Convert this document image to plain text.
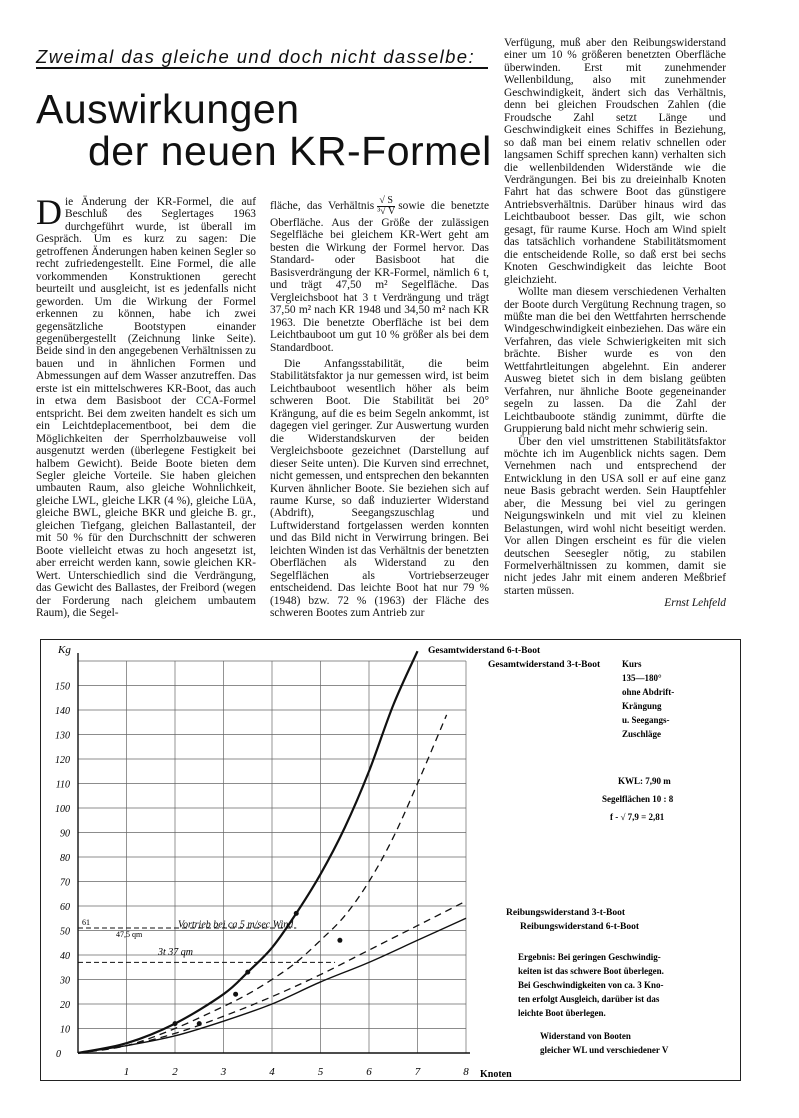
Zweimal das gleiche und doch nicht dasselbe:
Auswirkungen
der neuen KR-Formel

Die Änderung der KR-Formel, die auf Beschluß des Seglertages 1963 durchgeführt wurde, ist überall im Gespräch. Um es kurz zu sagen: Die getroffenen Änderungen haben keinen Segler so recht zufriedengestellt. Eine Formel, die alle vorkommenden Konstruktionen gerecht beurteilt und ausgleicht, ist es jedenfalls nicht geworden. Um die Wirkung der Formel erkennen zu können, habe ich zwei gegensätzliche Bootstypen einander gegenübergestellt (Zeichnung linke Seite). Beide sind in den angegebenen Verhältnissen zu bauen und in ähnlichen Formen und Abmessungen auf dem Wasser anzutreffen. Das erste ist ein mittelschweres KR-Boot, das auch in etwa dem Basisboot der CCA-Formel entspricht. Bei dem zweiten handelt es sich um ein Leichtdeplacementboot, bei dem die Möglichkeiten der Sperrholzbauweise voll ausgenutzt werden (überlegene Festigkeit bei halbem Gewicht). Beide Boote bieten dem Segler gleiche Vorteile. Sie haben gleichen umbauten Raum, also gleiche Wohnlichkeit, gleiche LWL, gleiche LKR (4 %), gleiche LüA, gleiche BWL, gleiche BKR und gleiche B. gr., gleichen Tiefgang, gleichen Ballastanteil, der mit 50 % für den Durchschnitt der schweren Boote vielleicht etwas zu hoch angesetzt ist, aber erreicht werden kann, sowie gleichen KR-Wert. Unterschiedlich sind die Verdrängung, das Gewicht des Ballastes, der Freibord (wegen der Forderung nach gleichem umbautem Raum), die Segel-

fläche, das Verhältnis $\frac{√ S}{\text{³√ V}}$ sowie die benetzte Oberfläche. Aus der Größe der zulässigen Segelfläche bei gleichem KR-Wert geht am besten die Wirkung der Formel hervor. Das Standard- oder Basisboot hat die Basisverdrängung der KR-Formel, nämlich 6 t, und trägt 47,50 m² Segelfläche. Das Vergleichsboot hat 3 t Verdrängung und trägt 37,50 m² nach KR 1948 und 34,50 m² nach KR 1963. Die benetzte Oberfläche ist bei dem Leichtbauboot um gut 10 % größer als bei dem Standardboot.

Die Anfangsstabilität, die beim Stabilitätsfaktor ja nur gemessen wird, ist beim Leichtbauboot wesentlich höher als beim schweren Boot. Die Stabilität bei 20° Krängung, auf die es beim Segeln ankommt, ist dagegen viel geringer. Zur Auswertung wurden die Widerstandskurven der beiden Vergleichsboote gezeichnet (Darstellung auf dieser Seite unten). Die Kurven sind errechnet, nicht gemessen, und entsprechen den bekannten Kurven ähnlicher Boote. Sie beziehen sich auf raume Kurse, so daß induzierter Widerstand (Abdrift), Seegangszuschlag und Luftwiderstand fortgelassen werden konnten und das Bild nicht in Verwirrung bringen. Bei leichten Winden ist das Verhältnis der benetzten Oberflächen als Widerstand zu den Segelflächen als Vortriebserzeuger entscheidend. Das leichte Boot hat nur 79 % (1948) bzw. 72 % (1963) der Fläche des schweren Bootes zum Antrieb zur

Verfügung, muß aber den Reibungswiderstand einer um 10 % größeren benetzten Oberfläche überwinden. Erst mit zunehmender Wellenbildung, also mit zunehmender Geschwindigkeit, ändert sich das Verhältnis, denn bei gleichen Froudschen Zahlen (die Froudsche Zahl setzt Länge und Geschwindigkeit eines Schiffes in Beziehung, so daß man bei einem relativ schnellen oder langsamen Schiff sprechen kann) verhalten sich die wellenbildenden Widerstände wie die Verdrängungen. Bei bis zu dreieinhalb Knoten Fahrt hat das schwere Boot das günstigere Antriebsverhältnis. Darüber hinaus wird das Leichtbauboot besser. Das gilt, wie schon gesagt, für raume Kurse. Hoch am Wind spielt das tatsächlich vorhandene Stabilitätsmoment die entscheidende Rolle, so daß erst bei sechs Knoten Geschwindigkeit das leichte Boot gleichzieht.

Wollte man diesem verschiedenen Verhalten der Boote durch Vergütung Rechnung tragen, so müßte man die bei den Wettfahrten herrschende Windgeschwindigkeit einbeziehen. Das wäre ein Verfahren, das viele Schwierigkeiten mit sich brächte. Bisher wurde es von den Wettfahrtleitungen abgelehnt. Ein anderer Ausweg bietet sich in dem bislang geübten Verfahren, nur ähnliche Boote gegeneinander segeln zu lassen. Da die Zahl der Leichtbauboote ständig zunimmt, dürfte die Gruppierung bald nicht mehr schwierig sein.

Über den viel umstrittenen Stabilitätsfaktor möchte ich im Augenblick nichts sagen. Dem Vernehmen nach und entsprechend der Entwicklung in den USA soll er auf eine ganz neue Basis gebracht werden. Sein Hauptfehler aber, die Messung bei viel zu geringen Neigungswinkeln und mit viel zu kleinen Belastungen, wird wohl nicht beseitigt werden. Vor allen Dingen erscheint es für die vielen deutschen Seesegler nötig, zu stabilen Formelverhältnissen zu kommen, damit sie nicht jedes Jahr mit einem anderen Meßbrief starten müssen.

Ernst Lehfeld
Kg
Knoten
0
10
20
30
40
50
60
70
80
90
100
110
120
130
140
150
1	2	3	4	5	6	7	8
61	Vortrieb bei ca 5 m/sec Wind
47,5 qm
3t 37 qm
Gesamtwiderstand 6-t-Boot
Gesamtwiderstand 3-t-Boot
Reibungswiderstand 3-t-Boot
Reibungswiderstand 6-t-Boot
Kurs
135—180°
ohne Abdrift-
Krängung
u. Seegangs-
Zuschläge
KWL: 7,90 m
Segelflächen 10 : 8
f - √ 7,9 = 2,81
Ergebnis: Bei geringen Geschwindig-
keiten ist das schwere Boot überlegen.
Bei Geschwindigkeiten von ca. 3 Kno-
ten erfolgt Ausgleich, darüber ist das
leichte Boot überlegen.
Widerstand von Booten
gleicher WL und verschiedener V
